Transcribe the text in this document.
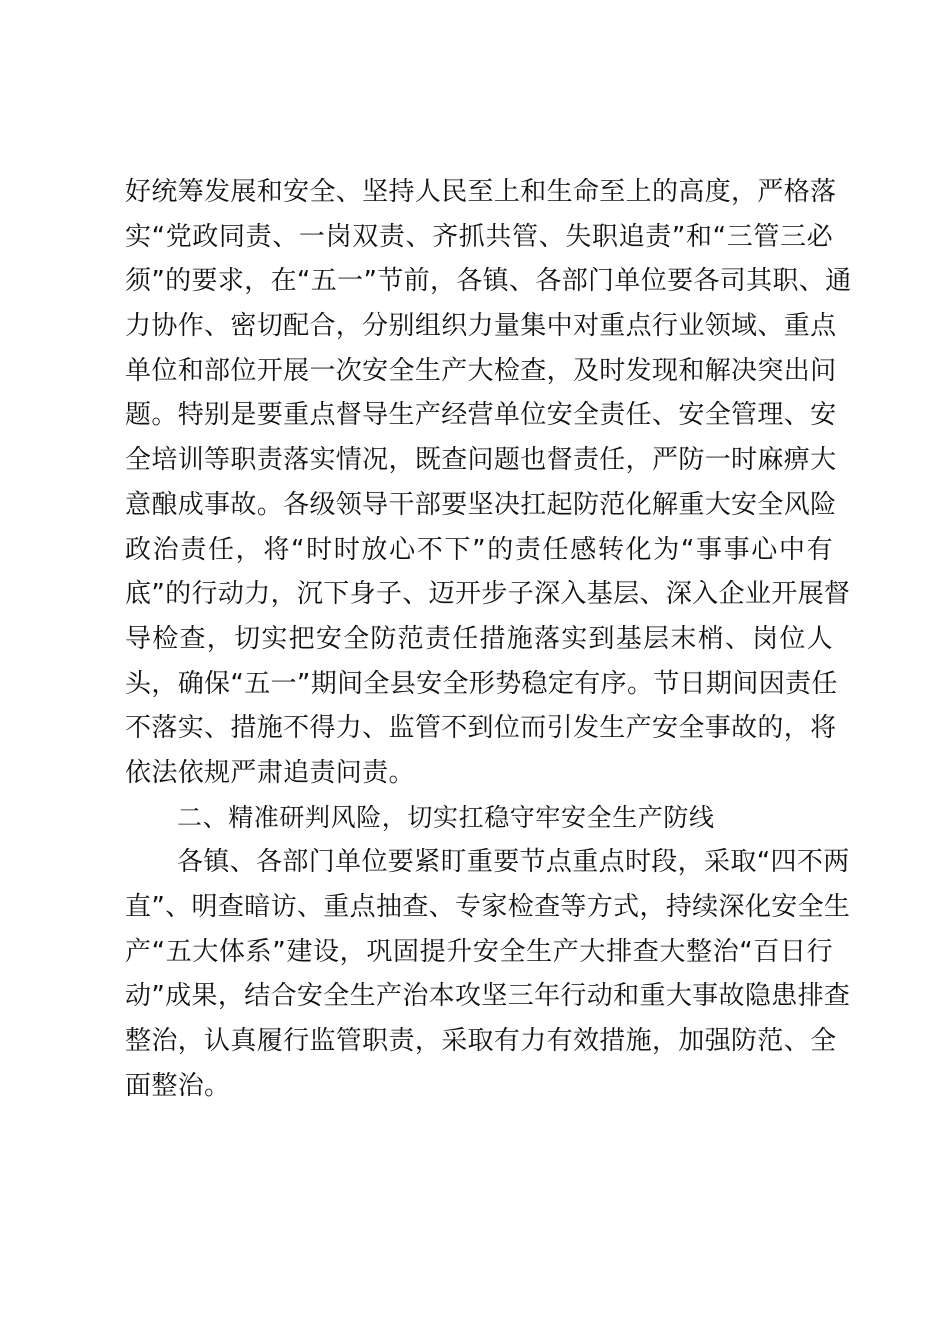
好统筹发展和安全、坚持人民至上和生命至上的高度，严格落
实“党政同责、一岗双责、齐抓共管、失职追责”和“三管三必
须”的要求，在“五一”节前，各镇、各部门单位要各司其职、通
力协作、密切配合，分别组织力量集中对重点行业领域、重点
单位和部位开展一次安全生产大检查，及时发现和解决突出问
题。特别是要重点督导生产经营单位安全责任、安全管理、安
全培训等职责落实情况，既查问题也督责任，严防一时麻痹大
意酿成事故。各级领导干部要坚决扛起防范化解重大安全风险
政治责任，将“时时放心不下”的责任感转化为“事事心中有
底”的行动力，沉下身子、迈开步子深入基层、深入企业开展督
导检查，切实把安全防范责任措施落实到基层末梢、岗位人
头，确保“五一”期间全县安全形势稳定有序。节日期间因责任
不落实、措施不得力、监管不到位而引发生产安全事故的，将
依法依规严肃追责问责。
二、精准研判风险，切实扛稳守牢安全生产防线
各镇、各部门单位要紧盯重要节点重点时段，采取“四不两
直”、明查暗访、重点抽查、专家检查等方式，持续深化安全生
产“五大体系”建设，巩固提升安全生产大排查大整治“百日行
动”成果，结合安全生产治本攻坚三年行动和重大事故隐患排查
整治，认真履行监管职责，采取有力有效措施，加强防范、全
面整治。
